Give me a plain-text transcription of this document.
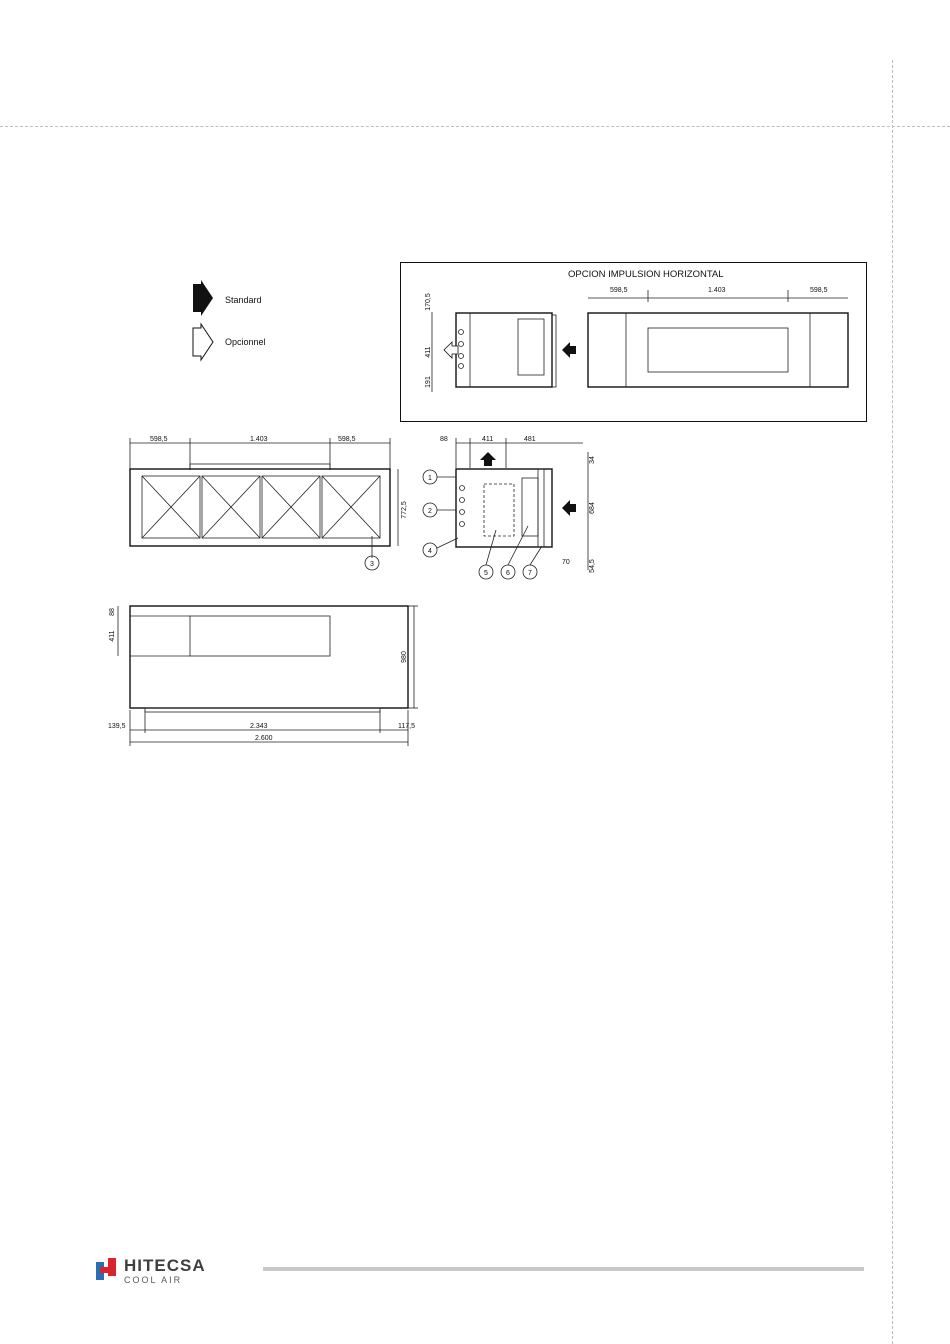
Standard
Opcionnel
OPCION IMPULSION HORIZONTAL
170,5
411
191
598,5	1.403	598,5
598,5	1.403	598,5
772,5
3
88	411	481
34
684
54,5
70
1
2
4
5	6	7
88
411
980
139,5	2.343	117,5
2.600
HITECSA
COOL AIR
